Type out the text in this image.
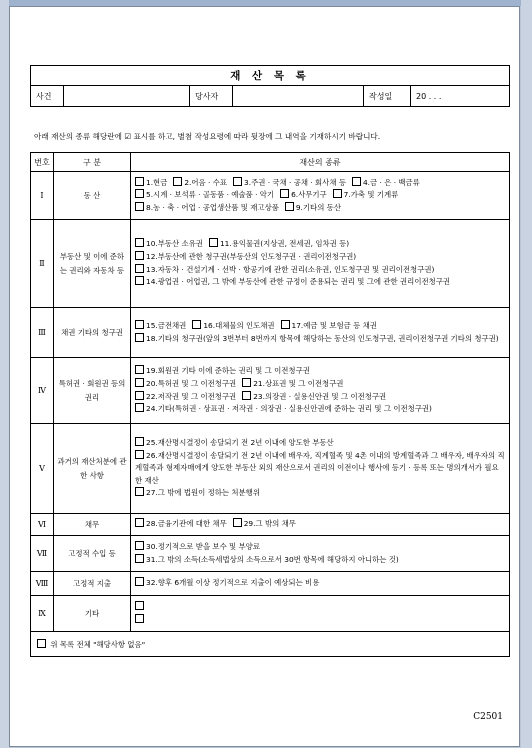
재 산 목 록
사건		당사자		작성일	20 . . .
아래 재산의 종류 해당란에 ☑ 표시를 하고, 별첨 작성요령에 따라 뒷장에 그 내역을 기재하시기 바랍니다.
번호	구 분	재산의 종류
Ⅰ	동 산	1.현금 2.어음 · 수표 3.주권 · 국채 · 공채 · 회사채 등 4.금 · 은 · 백금류
5.시계 · 보석류 · 골동품 · 예술품 · 악기 6.사무기구 7.가축 및 기계류
8.농 · 축 · 어업 · 공업생산품 및 재고상품 9.기타의 동산

Ⅱ	부동산 및 이에 준하는 권리와 자동차 등	10.부동산 소유권 11.용익물권(지상권, 전세권, 임차권 등)
12.부동산에 관한 청구권(부동산의 인도청구권 · 권리이전청구권)
13.자동차 · 건설기계 · 선박 · 항공기에 관한 권리(소유권, 인도청구권 및 권리이전청구권)
14.광업권 · 어업권, 그 밖에 부동산에 관한 규정이 준용되는 권리 및 그에 관한 권리이전청구권

Ⅲ	채권 기타의 청구권	15.금전채권 16.대체물의 인도채권 17.예금 및 보험금 등 채권
18.기타의 청구권(앞의 3번부터 8번까지 항목에 해당하는 동산의 인도청구권, 권리이전청구권 기타의 청구권)

Ⅳ	특허권 · 회원권 등의 권리	19.회원권 기타 이에 준하는 권리 및 그 이전청구권
20.특허권 및 그 이전청구권 21.상표권 및 그 이전청구권
22.저작권 및 그 이전청구권 23.의장권 · 실용신안권 및 그 이전청구권
24.기타(특허권 · 상표권 · 저작권 · 의장권 · 실용신안권에 준하는 권리 및 그 이전청구권)

Ⅴ	과거의 재산처분에 관한 사항	25.재산명시결정이 송달되기 전 2년 이내에 양도한 부동산
26.재산명시결정이 송달되기 전 2년 이내에 배우자, 직계혈족 및 4촌 이내의 방계혈족과 그 배우자, 배우자의 직계혈족과 형제자매에게 양도한 부동산 외의 재산으로서 권리의 이전이나 행사에 등기 · 등록 또는 명의개서가 필요한 재산
27.그 밖에 법원이 정하는 처분행위

Ⅵ	채무	28.금융기관에 대한 채무 29.그 밖의 채무

Ⅶ	고정적 수입 등	30.정기적으로 받을 보수 및 부양료
31.그 밖의 소득(소득세법상의 소득으로서 30번 항목에 해당하지 아니하는 것)

Ⅷ	고정적 지출	32.향후 6개월 이상 정기적으로 지출이 예상되는 비용

Ⅸ	기타	

위 목록 전체 "해당사항 없음"		
C2501
